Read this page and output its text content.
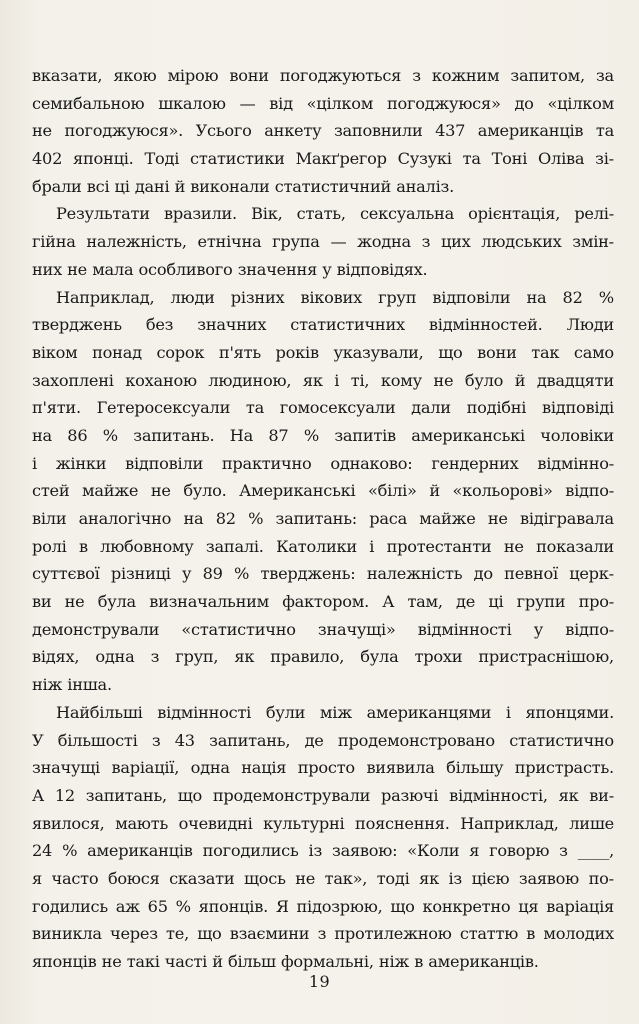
вказати, якою мірою вони погоджуються з кожним запитом, за
семибальною шкалою — від «цілком погоджуюся» до «цілком
не погоджуюся». Усього анкету заповнили 437 американців та
402 японці. Тоді статистики Макґрегор Сузукі та Тоні Оліва зі-
брали всі ці дані й виконали статистичний аналіз.
Результати вразили. Вік, стать, сексуальна орієнтація, релі-
гійна належність, етнічна група — жодна з цих людських змін-
них не мала особливого значення у відповідях.
Наприклад, люди різних вікових груп відповіли на 82 %
тверджень без значних статистичних відмінностей. Люди
віком понад сорок п'ять років указували, що вони так само
захоплені коханою людиною, як і ті, кому не було й двадцяти
п'яти. Гетеросексуали та гомосексуали дали подібні відповіді
на 86 % запитань. На 87 % запитів американські чоловіки
і жінки відповіли практично однаково: гендерних відмінно-
стей майже не було. Американські «білі» й «кольорові» відпо-
віли аналогічно на 82 % запитань: раса майже не відігравала
ролі в любовному запалі. Католики і протестанти не показали
суттєвої різниці у 89 % тверджень: належність до певної церк-
ви не була визначальним фактором. А там, де ці групи про-
демонстрували «статистично значущі» відмінності у відпо-
відях, одна з груп, як правило, була трохи пристраснішою,
ніж інша.
Найбільші відмінності були між американцями і японцями.
У більшості з 43 запитань, де продемонстровано статистично
значущі варіації, одна нація просто виявила більшу пристрасть.
А 12 запитань, що продемонстрували разючі відмінності, як ви-
явилося, мають очевидні культурні пояснення. Наприклад, лише
24 % американців погодились із заявою: «Коли я говорю з ____,
я часто боюся сказати щось не так», тоді як із цією заявою по-
годились аж 65 % японців. Я підозрюю, що конкретно ця варіація
виникла через те, що взаємини з протилежною статтю в молодих
японців не такі часті й більш формальні, ніж в американців.
19
